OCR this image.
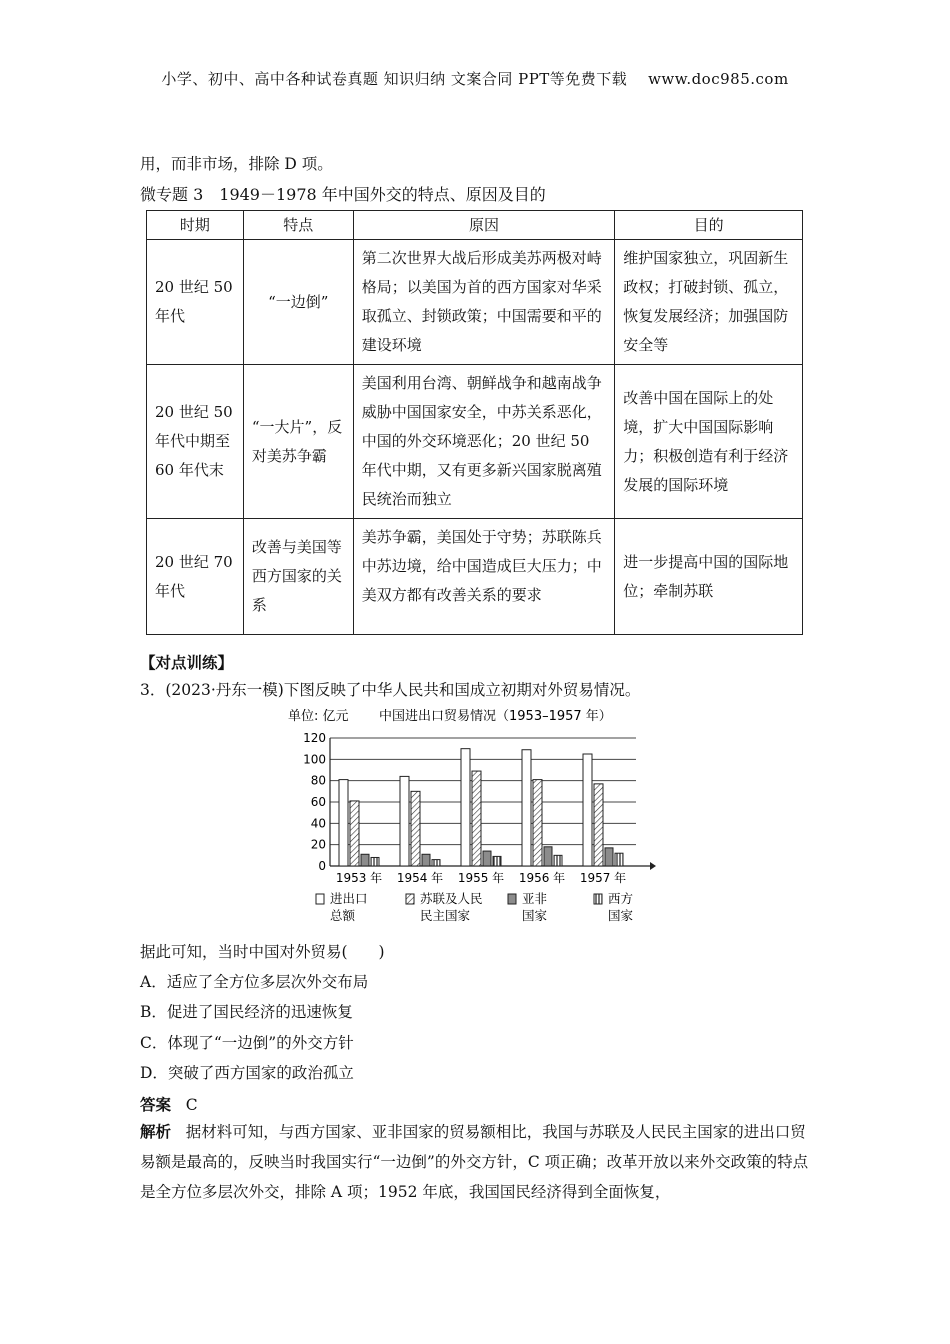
小学、初中、高中各种试卷真题 知识归纳 文案合同 PPT等免费下载　 www.doc985.com
用，而非市场，排除 D 项。
微专题 3　1949－1978 年中国外交的特点、原因及目的
时期	特点	原因	目的
20 世纪 50 年代	“一边倒”	第二次世界大战后形成美苏两极对峙格局；以美国为首的西方国家对华采取孤立、封锁政策；中国需要和平的建设环境	维护国家独立，巩固新生政权；打破封锁、孤立，恢复发展经济；加强国防安全等
20 世纪 50 年代中期至 60 年代末	“一大片”，反对美苏争霸	美国利用台湾、朝鲜战争和越南战争威胁中国国家安全，中苏关系恶化，中国的外交环境恶化；20 世纪 50 年代中期，又有更多新兴国家脱离殖民统治而独立	改善中国在国际上的处境，扩大中国国际影响力；积极创造有利于经济发展的国际环境
20 世纪 70 年代	改善与美国等西方国家的关系	美苏争霸，美国处于守势；苏联陈兵中苏边境，给中国造成巨大压力；中美双方都有改善关系的要求	进一步提高中国的国际地位；牵制苏联
【对点训练】
3．(2023·丹东一模)下图反映了中华人民共和国成立初期对外贸易情况。
单位: 亿元 中国进出口贸易情况（1953–1957 年）
0
20
40
60
80
100
120
1953 年 1954 年 1955 年 1956 年 1957 年
进出口
总额
苏联及人民
民主国家
亚非
国家
西方
国家
据此可知，当时中国对外贸易(　　)
A．适应了全方位多层次外交布局
B．促进了国民经济的迅速恢复
C．体现了“一边倒”的外交方针
D．突破了西方国家的政治孤立
答案 C
解析 据材料可知，与西方国家、亚非国家的贸易额相比，我国与苏联及人民民主国家的进出口贸易额是最高的，反映当时我国实行“一边倒”的外交方针，C 项正确；改革开放以来外交政策的特点是全方位多层次外交，排除 A 项；1952 年底，我国国民经济得到全面恢复，
